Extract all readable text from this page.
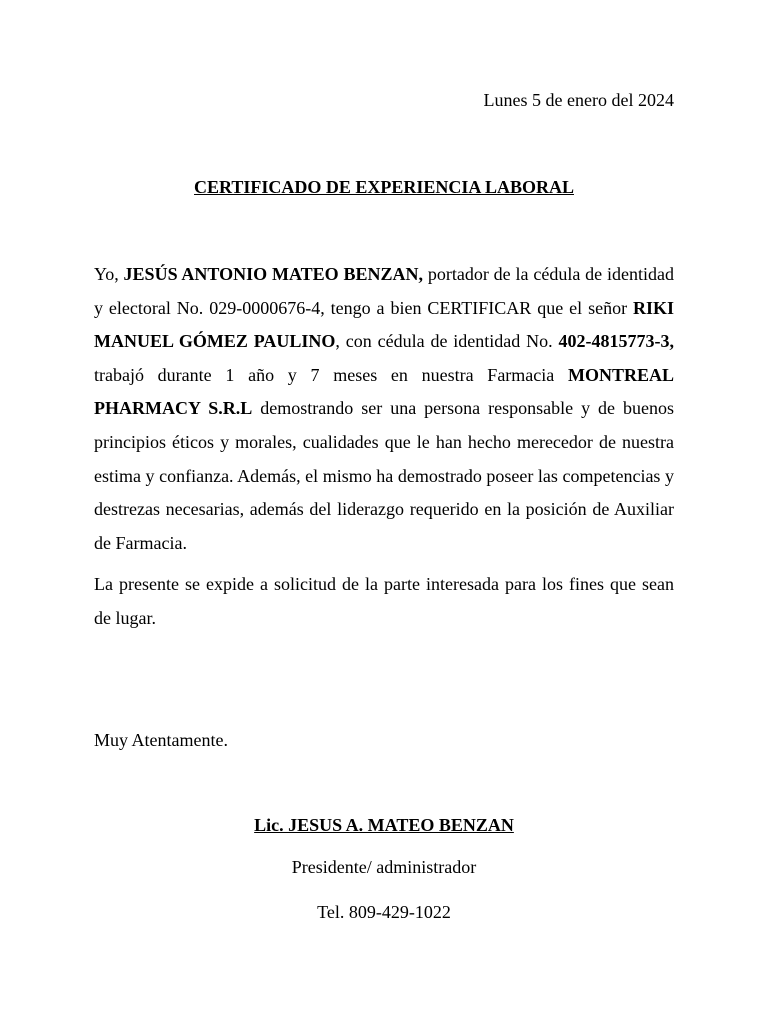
Lunes 5 de enero del 2024
CERTIFICADO DE EXPERIENCIA LABORAL

Yo, JESÚS ANTONIO MATEO BENZAN, portador de la cédula de identidad y electoral No. 029-0000676-4, tengo a bien CERTIFICAR que el señor RIKI MANUEL GÓMEZ PAULINO, con cédula de identidad No. 402-4815773-3, trabajó durante 1 año y 7 meses en nuestra Farmacia MONTREAL PHARMACY S.R.L demostrando ser una persona responsable y de buenos principios éticos y morales, cualidades que le han hecho merecedor de nuestra estima y confianza. Además, el mismo ha demostrado poseer las competencias y destrezas necesarias, además del liderazgo requerido en la posición de Auxiliar de Farmacia.

La presente se expide a solicitud de la parte interesada para los fines que sean de lugar.

Muy Atentamente.
Lic. JESUS A. MATEO BENZAN
Presidente/ administrador
Tel. 809-429-1022
